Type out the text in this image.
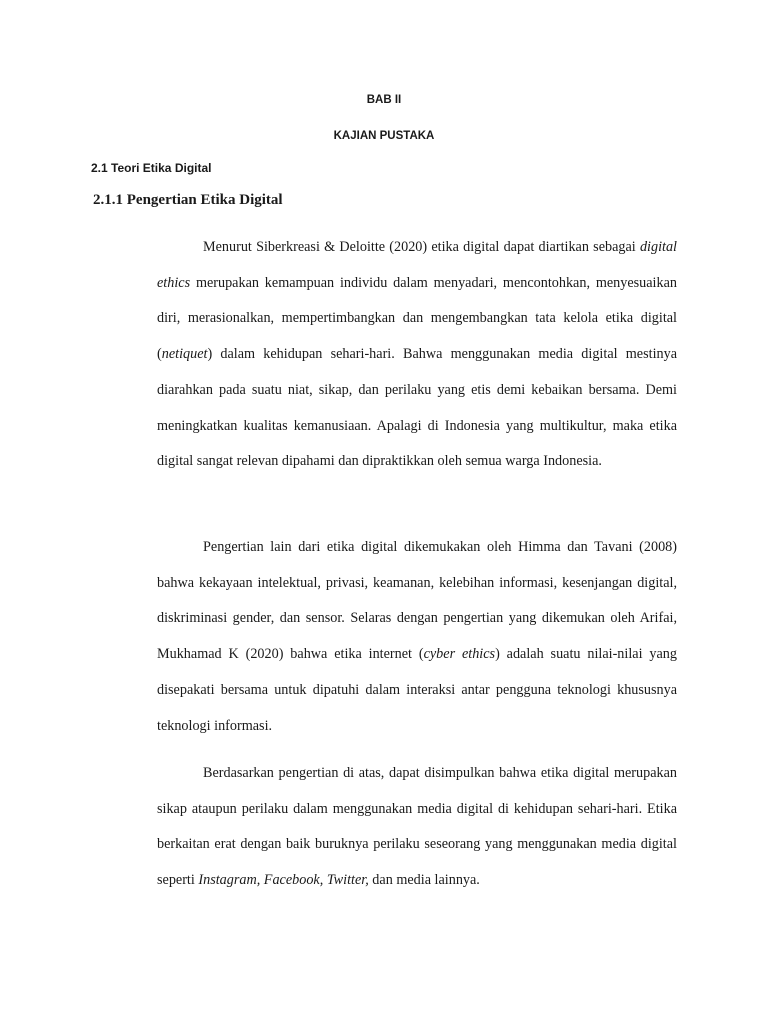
BAB II
KAJIAN PUSTAKA
2.1 Teori Etika Digital
2.1.1 Pengertian Etika Digital

Menurut Siberkreasi & Deloitte (2020) etika digital dapat diartikan sebagai digital ethics merupakan kemampuan individu dalam menyadari, mencontohkan, menyesuaikan diri, merasionalkan, mempertimbangkan dan mengembangkan tata kelola etika digital (netiquet) dalam kehidupan sehari-hari. Bahwa menggunakan media digital mestinya diarahkan pada suatu niat, sikap, dan perilaku yang etis demi kebaikan bersama. Demi meningkatkan kualitas kemanusiaan. Apalagi di Indonesia yang multikultur, maka etika digital sangat relevan dipahami dan dipraktikkan oleh semua warga Indonesia.

Pengertian lain dari etika digital dikemukakan oleh Himma dan Tavani (2008) bahwa kekayaan intelektual, privasi, keamanan, kelebihan informasi, kesenjangan digital, diskriminasi gender, dan sensor. Selaras dengan pengertian yang dikemukan oleh Arifai, Mukhamad K (2020) bahwa etika internet (cyber ethics) adalah suatu nilai-nilai yang disepakati bersama untuk dipatuhi dalam interaksi antar pengguna teknologi khususnya teknologi informasi.

Berdasarkan pengertian di atas, dapat disimpulkan bahwa etika digital merupakan sikap ataupun perilaku dalam menggunakan media digital di kehidupan sehari-hari. Etika berkaitan erat dengan baik buruknya perilaku seseorang yang menggunakan media digital seperti Instagram, Facebook, Twitter, dan media lainnya.
